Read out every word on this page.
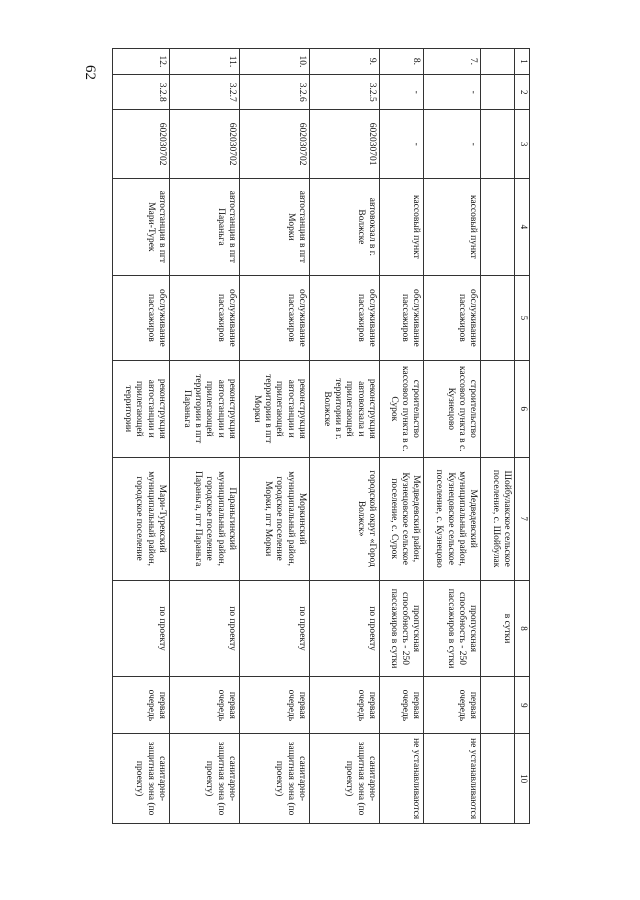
62
1	2	3	4	5	6	7	8	9	10
						Шойбулакское сельское поселение, с. Шойбулак	в сутки		
7.	-	-	кассовый пункт	обслуживание пассажиров	строительство кассового пункта в с. Кузнецово	Медведевский муниципальный район, Кузнецовское сельское поселение, с. Кузнецово	пропускная способность - 250 пассажиров в сутки	первая очередь	не устанавливаются
8.	-	-	кассовый пункт	обслуживание пассажиров	строительство кассового пункта в с. Сурок	Медведевский район, Кузнецовское сельское поселение, с. Сурок	пропускная способность - 250 пассажиров в сутки	первая очередь	не устанавливаются
9.	3.2.5	602030701	автовокзал в г. Волжске	обслуживание пассажиров	реконструкция автовокзала и прилегающей территории в г. Волжске	городской округ «Город Волжск»	по проекту	первая очередь	санитарно-защитная зона (по проекту)
10.	3.2.6	602030702	автостанция в пгт Морки	обслуживание пассажиров	реконструкция автостанции и прилегающей территории в пгт Морки	Моркинский муниципальный район, городское поселение Морки, пгт Морки	по проекту	первая очередь	санитарно-защитная зона (по проекту)
11.	3.2.7	602030702	автостанция в пгт Параньга	обслуживание пассажиров	реконструкция автостанции и прилегающей территории в пгт Параньга	Параньгинский муниципальный район, городское поселение Параньга, пгт Параньга	по проекту	первая очередь	санитарно-защитная зона (по проекту)
12.	3.2.8	602030702	автостанция в пгт Мари-Турек	обслуживание пассажиров	реконструкция автостанции и прилегающей территории	Мари-Турекский муниципальный район, городское поселение	по проекту	первая очередь	санитарно-защитная зона (по проекту)
